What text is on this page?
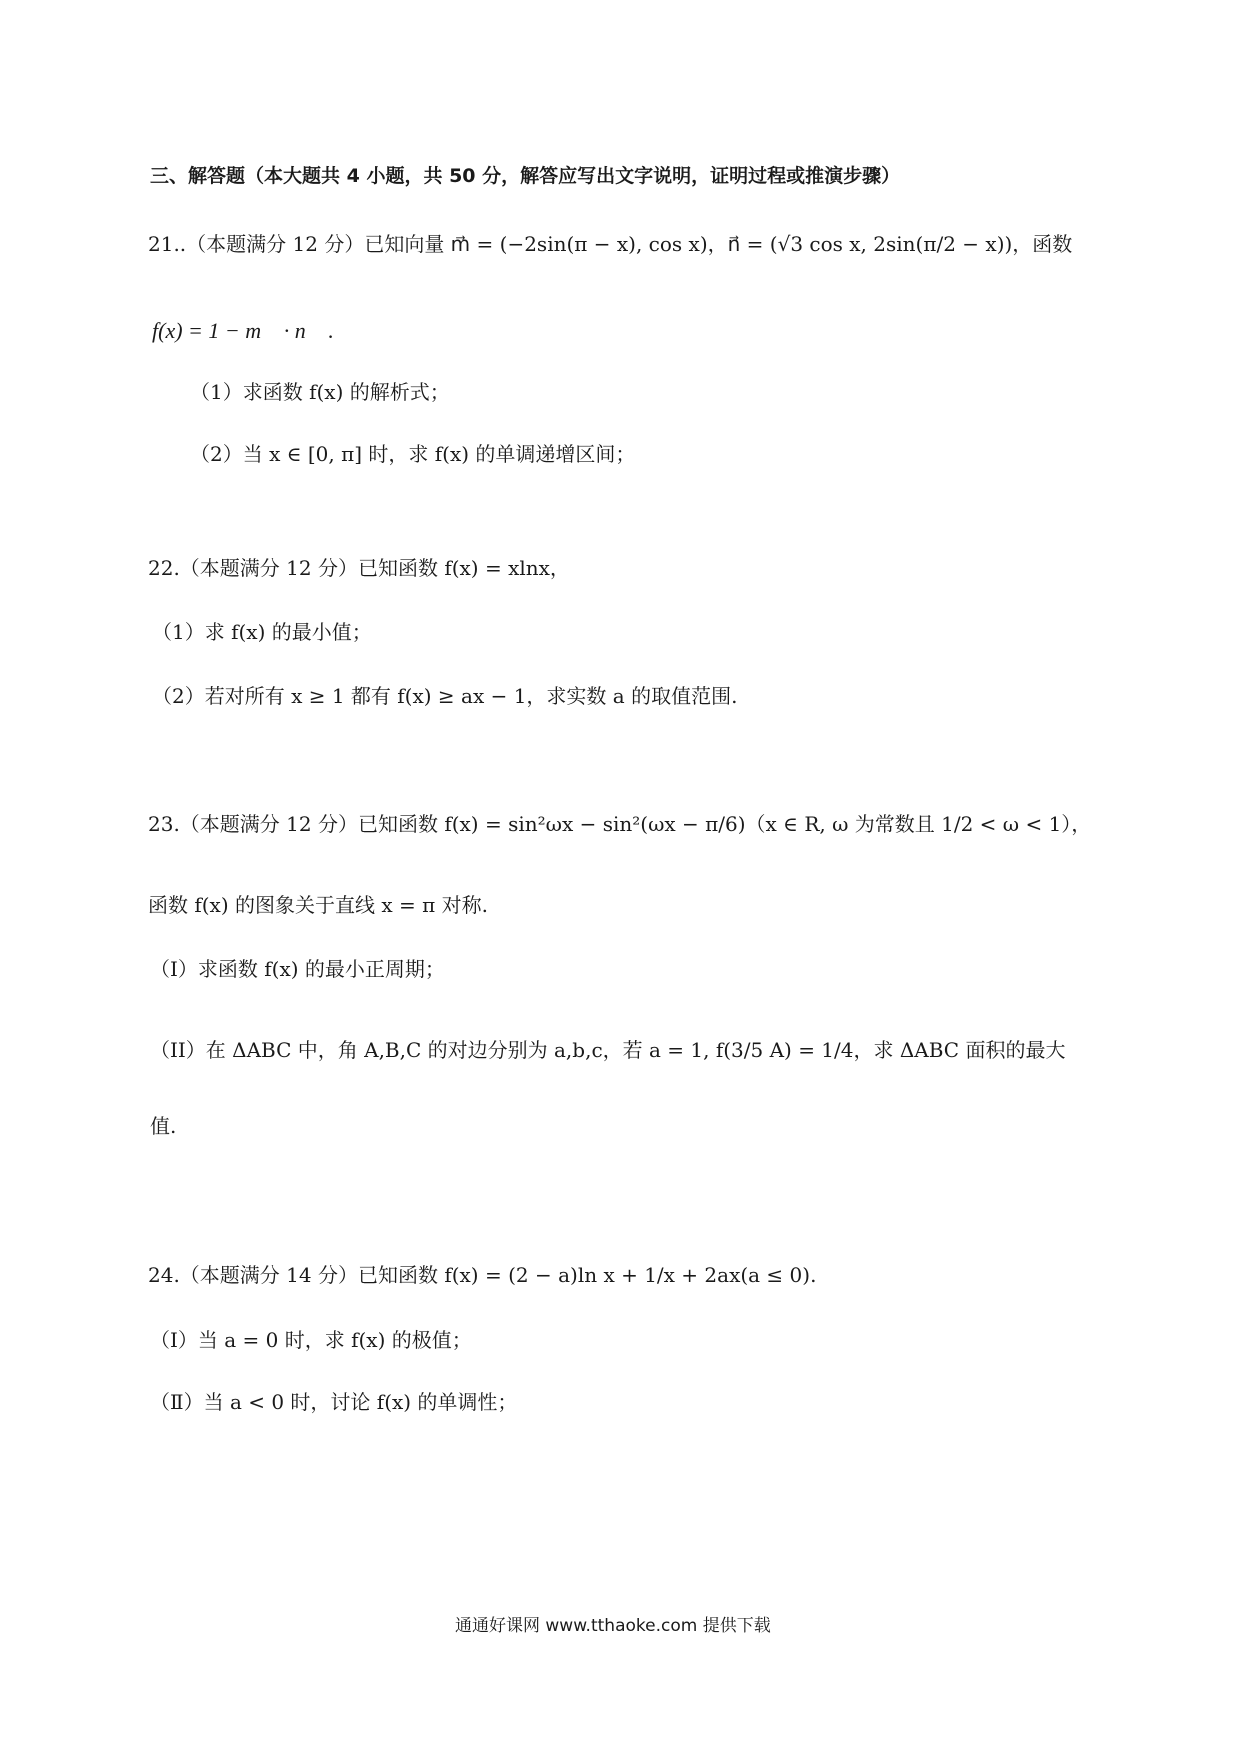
三、解答题（本大题共 4 小题，共 50 分，解答应写出文字说明，证明过程或推演步骤）
21..（本题满分 12 分）已知向量 m⃗ = (−2sin(π − x), cos x)，n⃗ = (√3 cos x, 2sin(π/2 − x))，函数
f(x) = 1 − m⃗ · n⃗ .
（1）求函数 f(x) 的解析式；
（2）当 x ∈ [0, π] 时，求 f(x) 的单调递增区间；
22.（本题满分 12 分）已知函数 f(x) = xlnx，
（1）求 f(x) 的最小值；
（2）若对所有 x ≥ 1 都有 f(x) ≥ ax − 1，求实数 a 的取值范围.
23.（本题满分 12 分）已知函数 f(x) = sin²ωx − sin²(ωx − π/6)（x ∈ R, ω 为常数且 1/2 < ω < 1），
函数 f(x) 的图象关于直线 x = π 对称.
（I）求函数 f(x) 的最小正周期；
（II）在 ΔABC 中，角 A,B,C 的对边分别为 a,b,c，若 a = 1, f(3/5 A) = 1/4，求 ΔABC 面积的最大
值.
24.（本题满分 14 分）已知函数 f(x) = (2 − a)ln x + 1/x + 2ax(a ≤ 0).
（Ⅰ）当 a = 0 时，求 f(x) 的极值；
（Ⅱ）当 a < 0 时，讨论 f(x) 的单调性；
通通好课网 www.tthaoke.com 提供下载
